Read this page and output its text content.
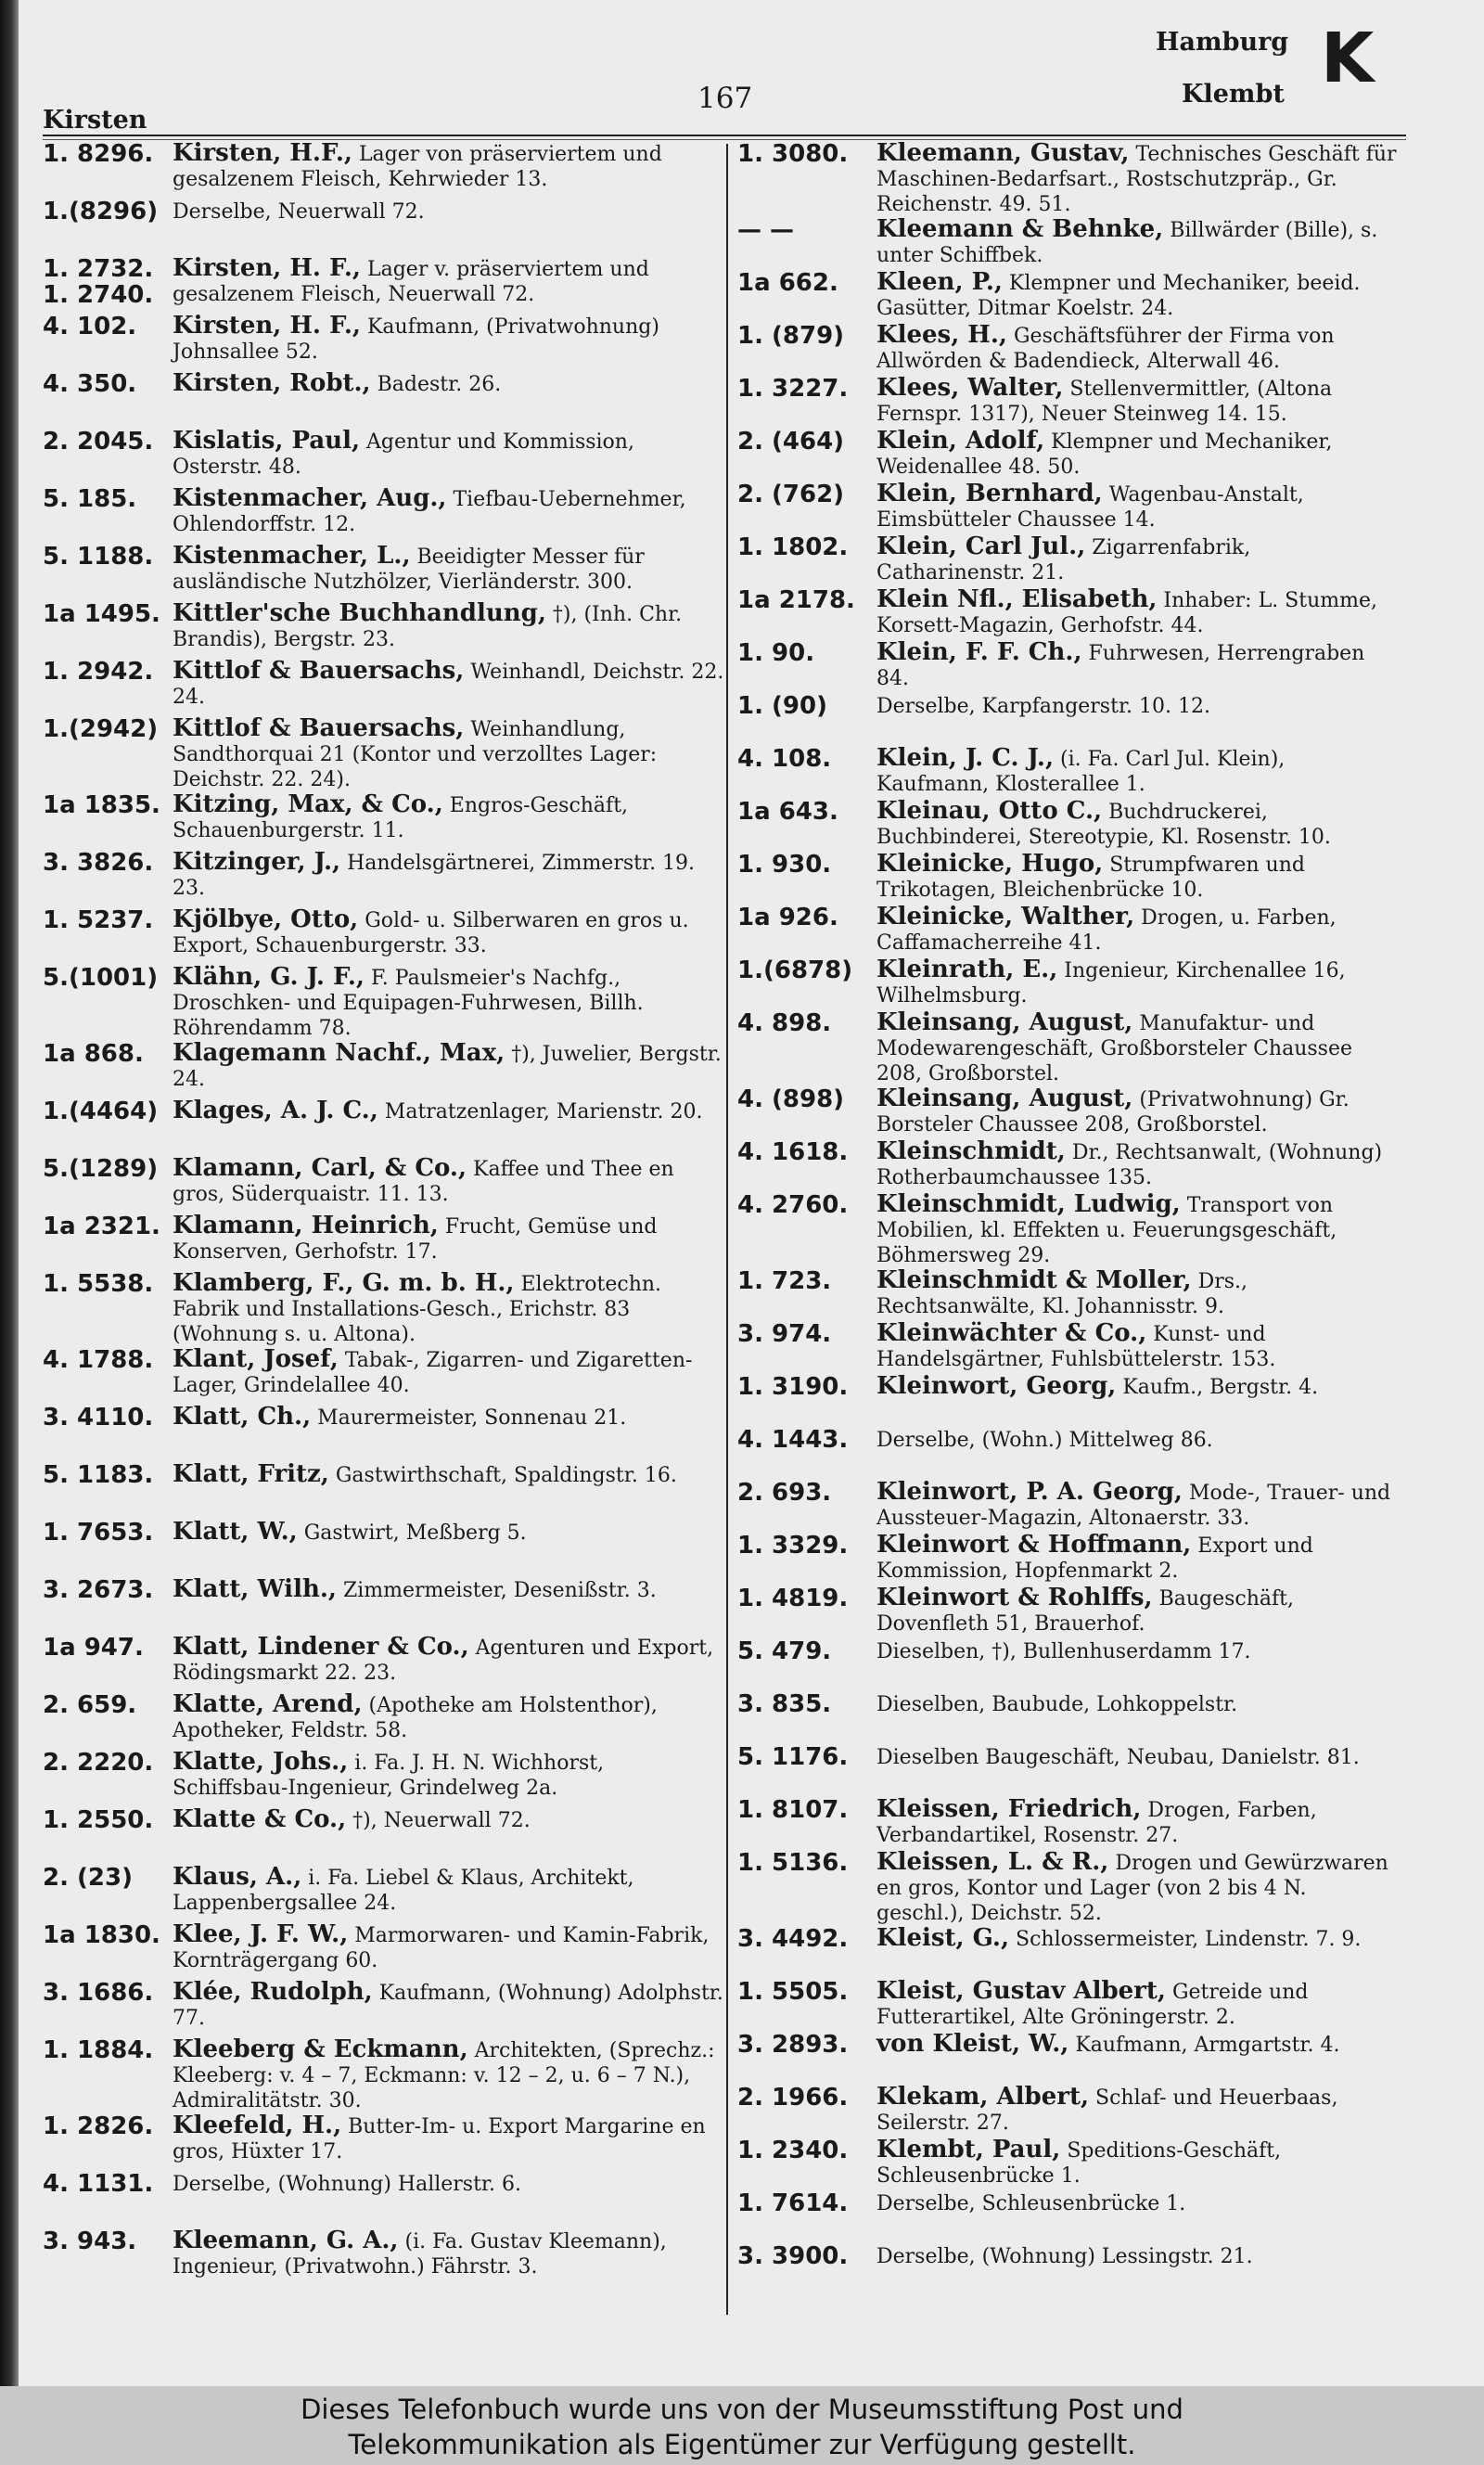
Kirsten
167
Hamburg
Klembt K
1. 8296. Kirsten, H.F., Lager von präserviertem und gesalzenem Fleisch, Kehrwieder 13.
1.(8296) Derselbe, Neuerwall 72.
1. 2732.
1. 2740.
Kirsten, H. F., Lager v. präserviertem und gesalzenem Fleisch, Neuerwall 72.
4. 102.	Kirsten, H. F., Kaufmann, (Privatwohnung) Johnsallee 52.
4. 350.	Kirsten, Robt., Badestr. 26.
2. 2045. Kislatis, Paul, Agentur und Kommission, Osterstr. 48.
5. 185.	Kistenmacher, Aug., Tiefbau-Uebernehmer, Ohlendorffstr. 12.
5. 1188. Kistenmacher, L., Beeidigter Messer für ausländische Nutzhölzer, Vierländerstr. 300.
1a 1495. Kittler'sche Buchhandlung, †), (Inh. Chr. Brandis), Bergstr. 23.
1. 2942. Kittlof & Bauersachs, Weinhandl, Deichstr. 22. 24.
1.(2942) Kittlof & Bauersachs, Weinhandlung, Sandthorquai 21 (Kontor und verzolltes Lager: Deichstr. 22. 24).
1a 1835. Kitzing, Max, & Co., Engros-Geschäft, Schauenburgerstr. 11.
3. 3826. Kitzinger, J., Handelsgärtnerei, Zimmerstr. 19. 23.
1. 5237. Kjölbye, Otto, Gold- u. Silberwaren en gros u. Export, Schauenburgerstr. 33.
5.(1001) Klähn, G. J. F., F. Paulsmeier's Nachfg., Droschken- und Equipagen-Fuhrwesen, Billh. Röhrendamm 78.
1a 868.	Klagemann Nachf., Max, †), Juwelier, Bergstr. 24.
1.(4464) Klages, A. J. C., Matratzenlager, Marienstr. 20.
5.(1289) Klamann, Carl, & Co., Kaffee und Thee en gros, Süderquaistr. 11. 13.
1a 2321. Klamann, Heinrich, Frucht, Gemüse und Konserven, Gerhofstr. 17.
1. 5538. Klamberg, F., G. m. b. H., Elektrotechn. Fabrik und Installations-Gesch., Erichstr. 83 (Wohnung s. u. Altona).
4. 1788. Klant, Josef, Tabak-, Zigarren- und Zigaretten-Lager, Grindelallee 40.
3. 4110. Klatt, Ch., Maurermeister, Sonnenau 21.
5. 1183. Klatt, Fritz, Gastwirthschaft, Spaldingstr. 16.
1. 7653. Klatt, W., Gastwirt, Meßberg 5.
3. 2673. Klatt, Wilh., Zimmermeister, Desenißstr. 3.
1a 947.	Klatt, Lindener & Co., Agenturen und Export, Rödingsmarkt 22. 23.
2. 659.	Klatte, Arend, (Apotheke am Holstenthor), Apotheker, Feldstr. 58.
2. 2220. Klatte, Johs., i. Fa. J. H. N. Wichhorst, Schiffsbau-Ingenieur, Grindelweg 2a.
1. 2550. Klatte & Co., †), Neuerwall 72.
2. (23)	Klaus, A., i. Fa. Liebel & Klaus, Architekt, Lappenbergsallee 24.
1a 1830. Klee, J. F. W., Marmorwaren- und Kamin-Fabrik, Kornträgergang 60.
3. 1686. Klée, Rudolph, Kaufmann, (Wohnung) Adolphstr. 77.
1. 1884. Kleeberg & Eckmann, Architekten, (Sprechz.: Kleeberg: v. 4 – 7, Eckmann: v. 12 – 2, u. 6 – 7 N.), Admiralitätstr. 30.
1. 2826. Kleefeld, H., Butter-Im- u. Export Margarine en gros, Hüxter 17.
4. 1131. Derselbe, (Wohnung) Hallerstr. 6.
3. 943.	Kleemann, G. A., (i. Fa. Gustav Kleemann), Ingenieur, (Privatwohn.) Fährstr. 3.
1. 3080.	Kleemann, Gustav, Technisches Geschäft für Maschinen-Bedarfsart., Rostschutzpräp., Gr. Reichenstr. 49. 51.
— —	Kleemann & Behnke, Billwärder (Bille), s. unter Schiffbek.
1a 662.	Kleen, P., Klempner und Mechaniker, beeid. Gasütter, Ditmar Koelstr. 24.
1. (879)	Klees, H., Geschäftsführer der Firma von Allwörden & Badendieck, Alterwall 46.
1. 3227.	Klees, Walter, Stellenvermittler, (Altona Fernspr. 1317), Neuer Steinweg 14. 15.
2. (464)	Klein, Adolf, Klempner und Mechaniker, Weidenallee 48. 50.
2. (762)	Klein, Bernhard, Wagenbau-Anstalt, Eimsbütteler Chaussee 14.
1. 1802.	Klein, Carl Jul., Zigarrenfabrik, Catharinenstr. 21.
1a 2178. Klein Nfl., Elisabeth, Inhaber: L. Stumme, Korsett-Magazin, Gerhofstr. 44.
1. 90.	Klein, F. F. Ch., Fuhrwesen, Herrengraben 84.
1. (90)	Derselbe, Karpfangerstr. 10. 12.
4. 108.	Klein, J. C. J., (i. Fa. Carl Jul. Klein), Kaufmann, Klosterallee 1.
1a 643.	Kleinau, Otto C., Buchdruckerei, Buchbinderei, Stereotypie, Kl. Rosenstr. 10.
1. 930.	Kleinicke, Hugo, Strumpfwaren und Trikotagen, Bleichenbrücke 10.
1a 926.	Kleinicke, Walther, Drogen, u. Farben, Caffamacherreihe 41.
1.(6878) Kleinrath, E., Ingenieur, Kirchenallee 16, Wilhelmsburg.
4. 898.	Kleinsang, August, Manufaktur- und Modewarengeschäft, Großborsteler Chaussee 208, Großborstel.
4. (898)	Kleinsang, August, (Privatwohnung) Gr. Borsteler Chaussee 208, Großborstel.
4. 1618.	Kleinschmidt, Dr., Rechtsanwalt, (Wohnung) Rotherbaumchaussee 135.
4. 2760.	Kleinschmidt, Ludwig, Transport von Mobilien, kl. Effekten u. Feuerungsgeschäft, Böhmersweg 29.
1. 723.	Kleinschmidt & Moller, Drs., Rechtsanwälte, Kl. Johannisstr. 9.
3. 974.	Kleinwächter & Co., Kunst- und Handelsgärtner, Fuhlsbüttelerstr. 153.
1. 3190.	Kleinwort, Georg, Kaufm., Bergstr. 4.
4. 1443.	Derselbe, (Wohn.) Mittelweg 86.
2. 693.	Kleinwort, P. A. Georg, Mode-, Trauer- und Aussteuer-Magazin, Altonaerstr. 33.
1. 3329.	Kleinwort & Hoffmann, Export und Kommission, Hopfenmarkt 2.
1. 4819.	Kleinwort & Rohlffs, Baugeschäft, Dovenfleth 51, Brauerhof.
5. 479.	Dieselben, †), Bullenhuserdamm 17.
3. 835.	Dieselben, Baubude, Lohkoppelstr.
5. 1176.	Dieselben Baugeschäft, Neubau, Danielstr. 81.
1. 8107.	Kleissen, Friedrich, Drogen, Farben, Verbandartikel, Rosenstr. 27.
1. 5136.	Kleissen, L. & R., Drogen und Gewürzwaren en gros, Kontor und Lager (von 2 bis 4 N. geschl.), Deichstr. 52.
3. 4492.	Kleist, G., Schlossermeister, Lindenstr. 7. 9.
1. 5505.	Kleist, Gustav Albert, Getreide und Futterartikel, Alte Gröningerstr. 2.
3. 2893.	von Kleist, W., Kaufmann, Armgartstr. 4.
2. 1966.	Klekam, Albert, Schlaf- und Heuerbaas, Seilerstr. 27.
1. 2340.	Klembt, Paul, Speditions-Geschäft, Schleusenbrücke 1.
1. 7614.	Derselbe, Schleusenbrücke 1.
3. 3900.	Derselbe, (Wohnung) Lessingstr. 21.
Dieses Telefonbuch wurde uns von der Museumsstiftung Post und
Telekommunikation als Eigentümer zur Verfügung gestellt.
